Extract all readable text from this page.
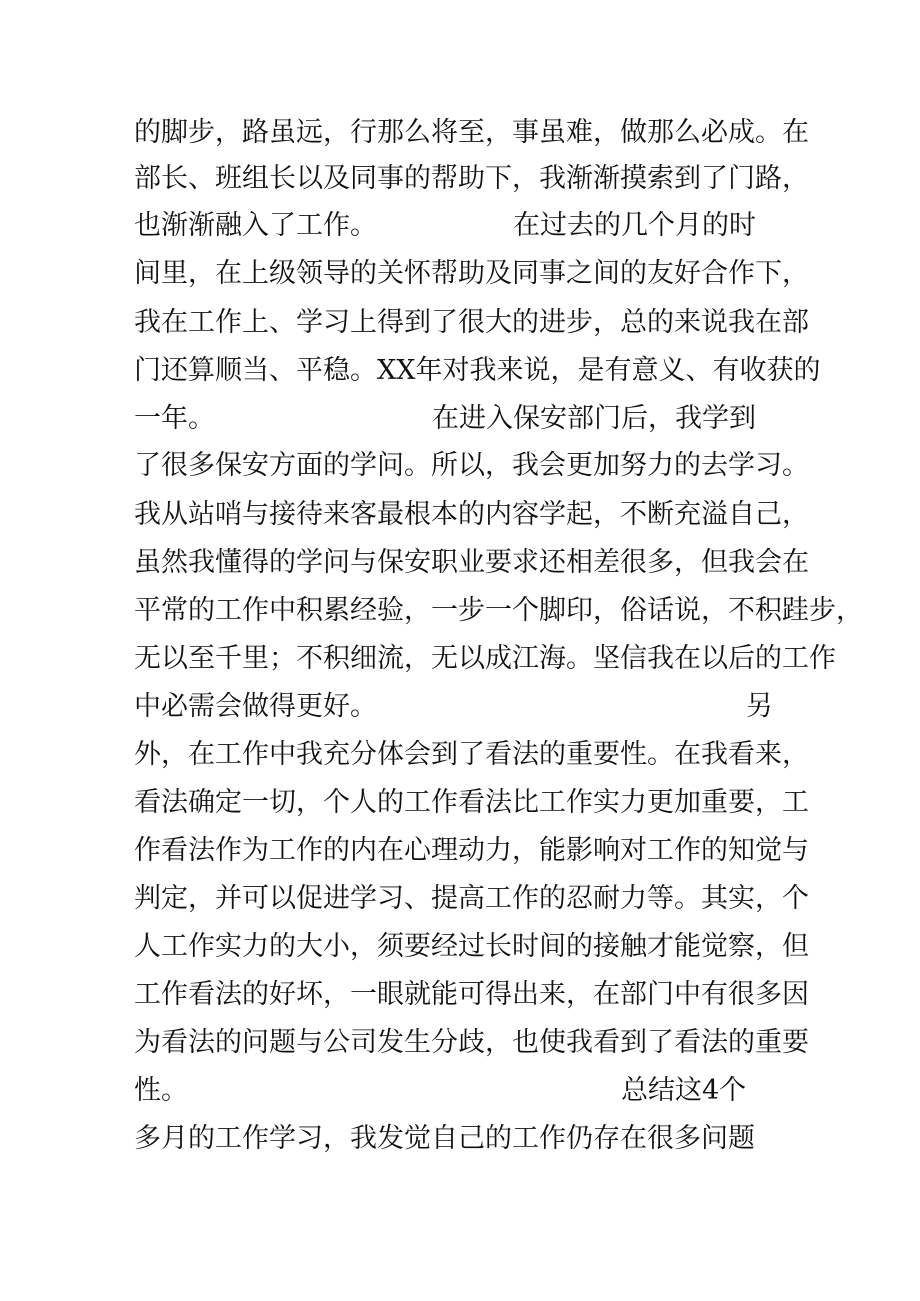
的脚步，路虽远，行那么将至，事虽难，做那么必成。在
部长、班组长以及同事的帮助下，我渐渐摸索到了门路，
也渐渐融入了工作。	在过去的几个月的时
间里，在上级领导的关怀帮助及同事之间的友好合作下，
我在工作上、学习上得到了很大的进步，总的来说我在部
门还算顺当、平稳。XX年对我来说，是有意义、有收获的
一年。	在进入保安部门后，我学到
了很多保安方面的学问。所以，我会更加努力的去学习。
我从站哨与接待来客最根本的内容学起，不断充溢自己，
虽然我懂得的学问与保安职业要求还相差很多，但我会在
平常的工作中积累经验，一步一个脚印，俗话说，不积跬步，
无以至千里；不积细流，无以成江海。坚信我在以后的工作
中必需会做得更好。	另
外，在工作中我充分体会到了看法的重要性。在我看来，
看法确定一切，个人的工作看法比工作实力更加重要，工
作看法作为工作的内在心理动力，能影响对工作的知觉与
判定，并可以促进学习、提高工作的忍耐力等。其实，个
人工作实力的大小，须要经过长时间的接触才能觉察，但
工作看法的好坏，一眼就能可得出来，在部门中有很多因
为看法的问题与公司发生分歧，也使我看到了看法的重要
性。	总结这4个
多月的工作学习，我发觉自己的工作仍存在很多问题
